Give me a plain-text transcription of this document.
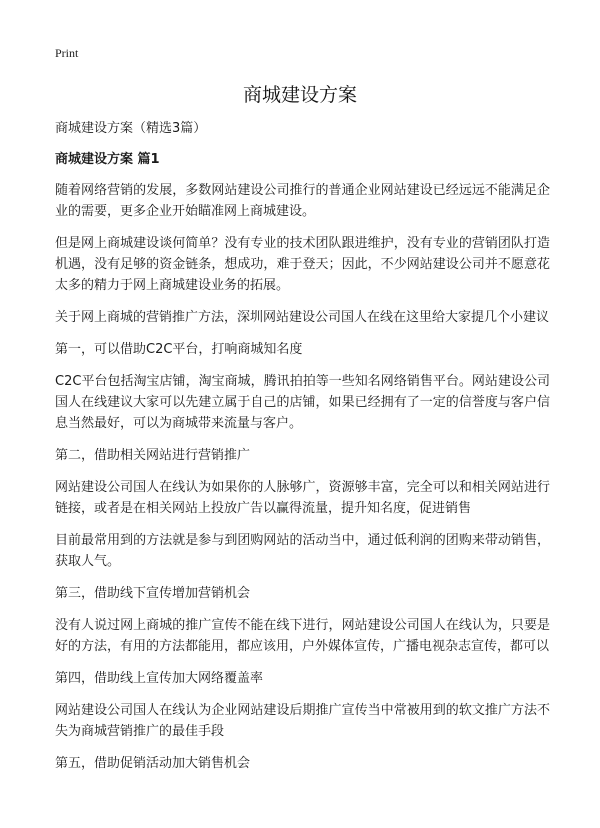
Print
商城建设方案

商城建设方案（精选3篇）

商城建设方案 篇1

随着网络营销的发展，多数网站建设公司推行的普通企业网站建设已经远远不能满足企业的需要，更多企业开始瞄准网上商城建设。

但是网上商城建设谈何简单？没有专业的技术团队跟进维护，没有专业的营销团队打造机遇，没有足够的资金链条，想成功，难于登天；因此，不少网站建设公司并不愿意花太多的精力于网上商城建设业务的拓展。

关于网上商城的营销推广方法，深圳网站建设公司国人在线在这里给大家提几个小建议

第一，可以借助C2C平台，打响商城知名度

C2C平台包括淘宝店铺，淘宝商城，腾讯拍拍等一些知名网络销售平台。网站建设公司国人在线建议大家可以先建立属于自己的店铺，如果已经拥有了一定的信誉度与客户信息当然最好，可以为商城带来流量与客户。

第二，借助相关网站进行营销推广

网站建设公司国人在线认为如果你的人脉够广，资源够丰富，完全可以和相关网站进行链接，或者是在相关网站上投放广告以赢得流量，提升知名度，促进销售

目前最常用到的方法就是参与到团购网站的活动当中，通过低利润的团购来带动销售，获取人气。

第三，借助线下宣传增加营销机会

没有人说过网上商城的推广宣传不能在线下进行，网站建设公司国人在线认为，只要是好的方法，有用的方法都能用，都应该用，户外媒体宣传，广播电视杂志宣传，都可以

第四，借助线上宣传加大网络覆盖率

网站建设公司国人在线认为企业网站建设后期推广宣传当中常被用到的软文推广方法不失为商城营销推广的最佳手段

第五，借助促销活动加大销售机会
